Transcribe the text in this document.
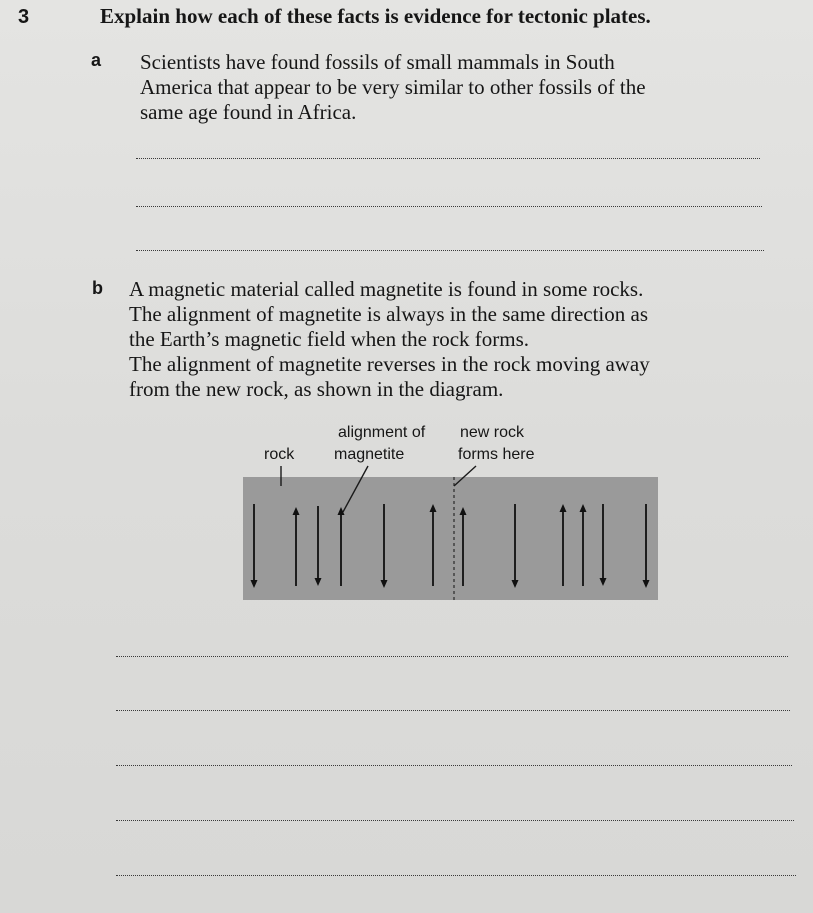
3	Explain how each of these facts is evidence for tectonic plates.
a Scientists have found fossils of small mammals in South
America that appear to be very similar to other fossils of the
same age found in Africa.
b A magnetic material called magnetite is found in some rocks.
The alignment of magnetite is always in the same direction as
the Earth’s magnetic field when the rock forms.
The alignment of magnetite reverses in the rock moving away
from the new rock, as shown in the diagram.
rock
alignment of
magnetite
new rock
forms here
